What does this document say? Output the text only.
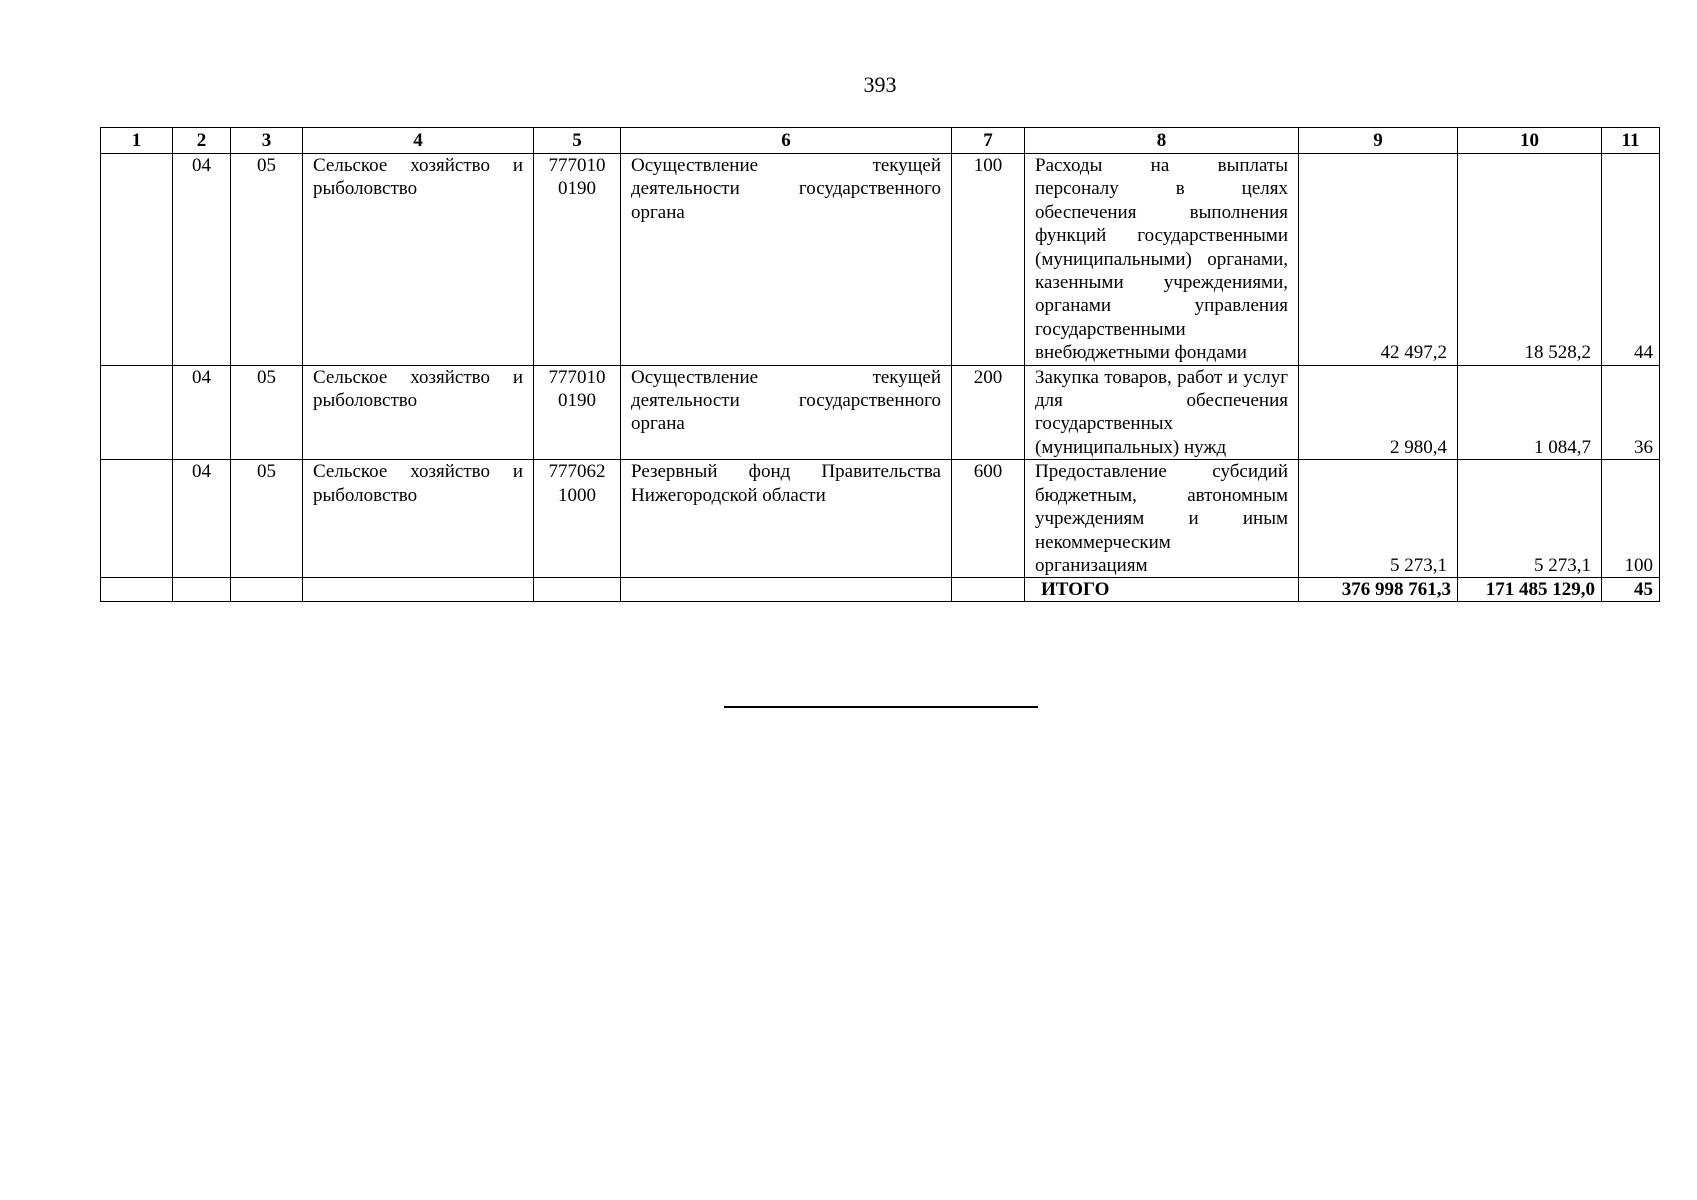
393
1	2	3	4	5	6	7	8	9	10	11
	04	05	Сельское хозяйство и рыболовство	777010 0190	Осуществление текущей деятельности государственного органа	100	Расходы на выплаты персоналу в целях обеспечения выполнения функций государственными (муниципальными) органами, казенными учреждениями, органами управления государственными внебюджетными фондами	42 497,2	18 528,2	44
	04	05	Сельское хозяйство и рыболовство	777010 0190	Осуществление текущей деятельности государственного органа	200	Закупка товаров, работ и услуг для обеспечения государственных (муниципальных) нужд	2 980,4	1 084,7	36
	04	05	Сельское хозяйство и рыболовство	777062 1000	Резервный фонд Правительства Нижегородской области	600	Предоставление субсидий бюджетным, автономным учреждениям и иным некоммерческим организациям	5 273,1	5 273,1	100
							ИТОГО	376 998 761,3	171 485 129,0	45
